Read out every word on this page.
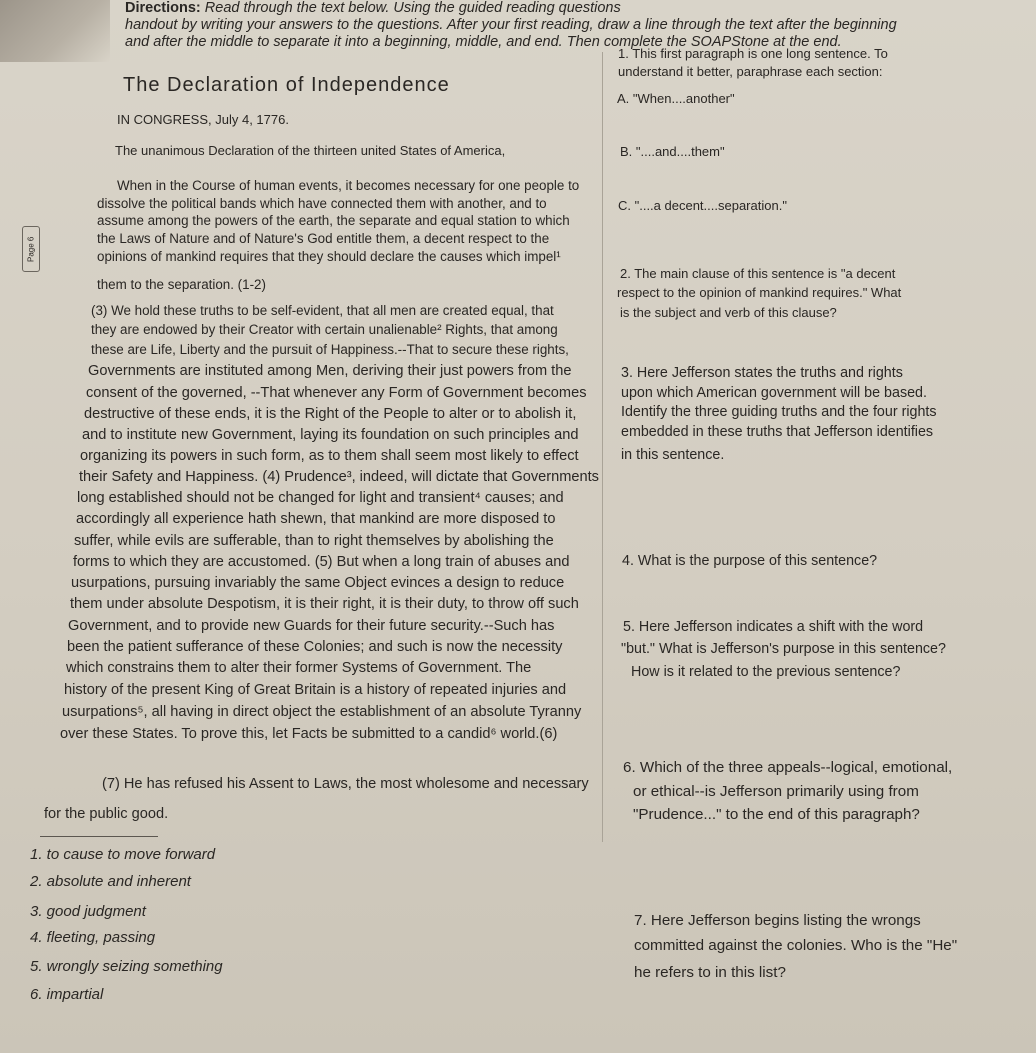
Directions: Read through the text below. Using the guided reading questions
handout by writing your answers to the questions. After your first reading, draw a line through the text after the beginning
and after the middle to separate it into a beginning, middle, and end. Then complete the SOAPStone at the end.
The Declaration of Independence
IN CONGRESS, July 4, 1776.
The unanimous Declaration of the thirteen united States of America,
Page 6
When in the Course of human events, it becomes necessary for one people to
dissolve the political bands which have connected them with another, and to
assume among the powers of the earth, the separate and equal station to which
the Laws of Nature and of Nature's God entitle them, a decent respect to the
opinions of mankind requires that they should declare the causes which impel¹
them to the separation. (1-2)
(3) We hold these truths to be self-evident, that all men are created equal, that
they are endowed by their Creator with certain unalienable² Rights, that among
these are Life, Liberty and the pursuit of Happiness.--That to secure these rights,
Governments are instituted among Men, deriving their just powers from the
consent of the governed, --That whenever any Form of Government becomes
destructive of these ends, it is the Right of the People to alter or to abolish it,
and to institute new Government, laying its foundation on such principles and
organizing its powers in such form, as to them shall seem most likely to effect
their Safety and Happiness. (4) Prudence³, indeed, will dictate that Governments
long established should not be changed for light and transient⁴ causes; and
accordingly all experience hath shewn, that mankind are more disposed to
suffer, while evils are sufferable, than to right themselves by abolishing the
forms to which they are accustomed. (5) But when a long train of abuses and
usurpations, pursuing invariably the same Object evinces a design to reduce
them under absolute Despotism, it is their right, it is their duty, to throw off such
Government, and to provide new Guards for their future security.--Such has
been the patient sufferance of these Colonies; and such is now the necessity
which constrains them to alter their former Systems of Government. The
history of the present King of Great Britain is a history of repeated injuries and
usurpations⁵, all having in direct object the establishment of an absolute Tyranny
over these States. To prove this, let Facts be submitted to a candid⁶ world.(6)
(7) He has refused his Assent to Laws, the most wholesome and necessary
for the public good.
1. to cause to move forward
2. absolute and inherent
3. good judgment
4. fleeting, passing
5. wrongly seizing something
6. impartial
1. This first paragraph is one long sentence. To
understand it better, paraphrase each section:
A. "When....another"
B. "....and....them"
C. "....a decent....separation."
2. The main clause of this sentence is "a decent
respect to the opinion of mankind requires." What
is the subject and verb of this clause?
3. Here Jefferson states the truths and rights
upon which American government will be based.
Identify the three guiding truths and the four rights
embedded in these truths that Jefferson identifies
in this sentence.
4. What is the purpose of this sentence?
5. Here Jefferson indicates a shift with the word
"but." What is Jefferson's purpose in this sentence?
How is it related to the previous sentence?
6. Which of the three appeals--logical, emotional,
or ethical--is Jefferson primarily using from
"Prudence..." to the end of this paragraph?
7. Here Jefferson begins listing the wrongs
committed against the colonies. Who is the "He"
he refers to in this list?
